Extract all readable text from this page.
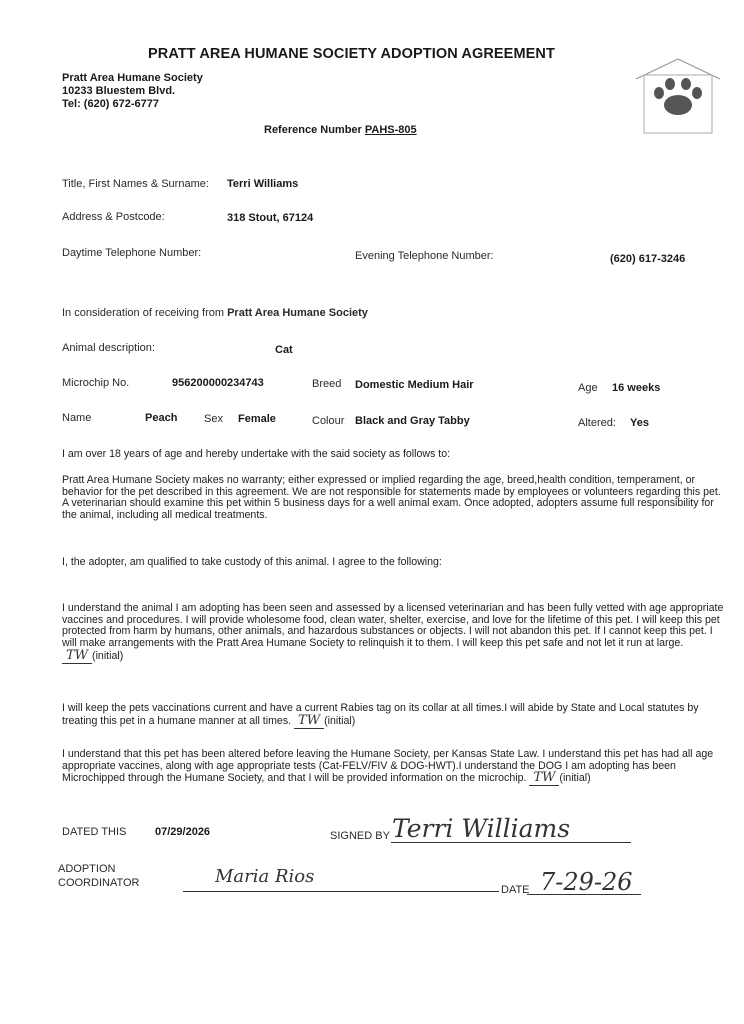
PRATT AREA HUMANE SOCIETY ADOPTION AGREEMENT
Pratt Area Humane Society
10233 Bluestem Blvd.
Tel: (620) 672-6777
Reference Number PAHS-805
Title, First Names & Surname: Terri Williams
Address & Postcode:	318 Stout, 67124
Daytime Telephone Number:	Evening Telephone Number:	(620) 617-3246
In consideration of receiving from Pratt Area Humane Society
Animal description:	Cat
Microchip No.	956200000234743	Breed Domestic Medium Hair	Age 16 weeks
Name	Peach Sex Female	Colour Black and Gray Tabby	Altered: Yes
I am over 18 years of age and hereby undertake with the said society as follows to:
Pratt Area Humane Society makes no warranty; either expressed or implied regarding the age, breed,health condition, temperament, or behavior for the pet described in this agreement. We are not responsible for statements made by employees or volunteers regarding this pet. A veterinarian should examine this pet within 5 business days for a well animal exam. Once adopted, adopters assume full responsibility for the animal, including all medical treatments.
I, the adopter, am qualified to take custody of this animal. I agree to the following:
I understand the animal I am adopting has been seen and assessed by a licensed veterinarian and has been fully vetted with age appropriate vaccines and procedures. I will provide wholesome food, clean water, shelter, exercise, and love for the lifetime of this pet. I will keep this pet protected from harm by humans, other animals, and hazardous substances or objects. I will not abandon this pet. If I cannot keep this pet. I will make arrangements with the Pratt Area Humane Society to relinquish it to them. I will keep this pet safe and not let it run at large. TW (initial)
I will keep the pets vaccinations current and have a current Rabies tag on its collar at all times.I will abide by State and Local statutes by treating this pet in a humane manner at all times. TW (initial)
I understand that this pet has been altered before leaving the Humane Society, per Kansas State Law. I understand this pet has had all age appropriate vaccines, along with age appropriate tests (Cat-FELV/FIV & DOG-HWT).I understand the DOG I am adopting has been Microchipped through the Humane Society, and that I will be provided information on the microchip. TW (initial)
DATED THIS	07/29/2026	SIGNED BY Terri Williams
ADOPTION
COORDINATOR	Maria Rios
DATE 7-29-26
